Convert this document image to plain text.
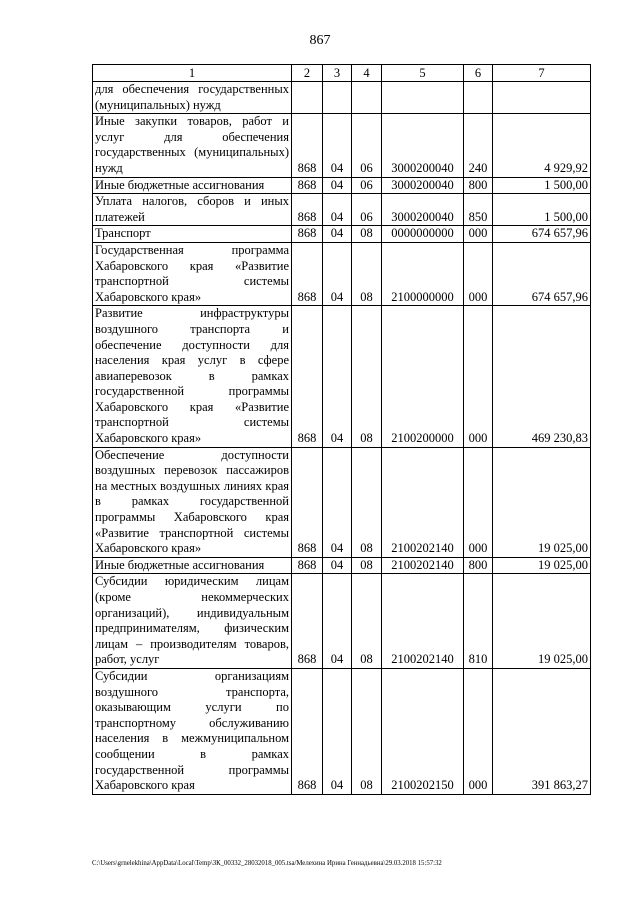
867
1	2	3	4	5	6	7
для обеспечения государственных (муниципальных) нужд						
Иные закупки товаров, работ и услуг для обеспечения государственных (муниципальных) нужд	868	04	06	3000200040	240	4 929,92
Иные бюджетные ассигнования	868	04	06	3000200040	800	1 500,00
Уплата налогов, сборов и иных платежей	868	04	06	3000200040	850	1 500,00
Транспорт	868	04	08	0000000000	000	674 657,96
Государственная программа Хабаровского края «Развитие транспортной системы Хабаровского края»	868	04	08	2100000000	000	674 657,96
Развитие инфраструктуры воздушного транспорта и обеспечение доступности для населения края услуг в сфере авиаперевозок в рамках государственной программы Хабаровского края «Развитие транспортной системы Хабаровского края»	868	04	08	2100200000	000	469 230,83
Обеспечение доступности воздушных перевозок пассажиров на местных воздушных линиях края в рамках государственной программы Хабаровского края «Развитие транспортной системы Хабаровского края»	868	04	08	2100202140	000	19 025,00
Иные бюджетные ассигнования	868	04	08	2100202140	800	19 025,00
Субсидии юридическим лицам (кроме некоммерческих организаций), индивидуальным предпринимателям, физическим лицам – производителям товаров, работ, услуг	868	04	08	2100202140	810	19 025,00
Субсидии организациям воздушного транспорта, оказывающим услуги по транспортному обслуживанию населения в межмуниципальном сообщении в рамках государственной программы Хабаровского края	868	04	08	2100202150	000	391 863,27
C:\Users\grnelekhina\AppData\Local\Temp\ЗК_00332_28032018_005.tsa/Мелехина Ирина Геннадьевна\29.03.2018 15:57:32
